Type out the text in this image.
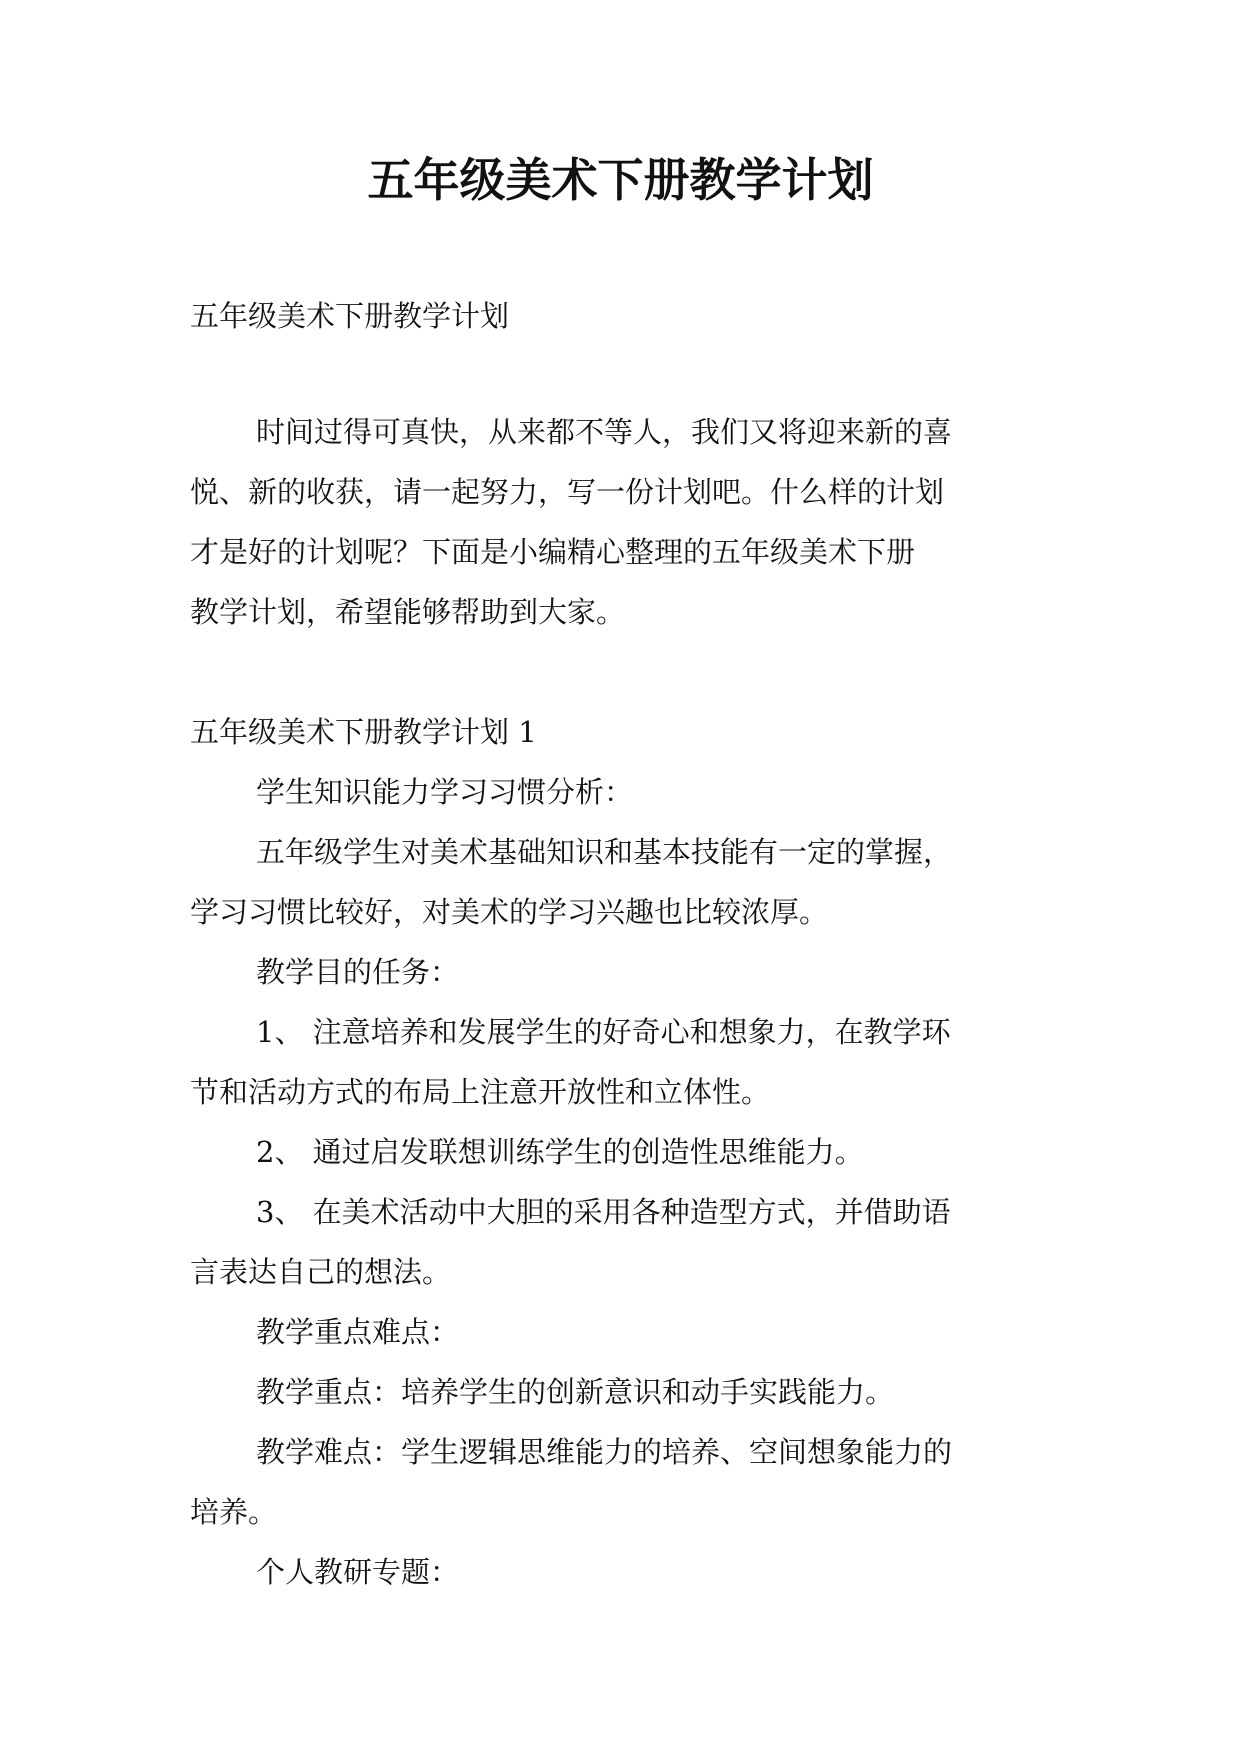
五年级美术下册教学计划

五年级美术下册教学计划

时间过得可真快，从来都不等人，我们又将迎来新的喜

悦、新的收获，请一起努力，写一份计划吧。什么样的计划

才是好的计划呢？下面是小编精心整理的五年级美术下册

教学计划，希望能够帮助到大家。

五年级美术下册教学计划 1

学生知识能力学习习惯分析：

五年级学生对美术基础知识和基本技能有一定的掌握，

学习习惯比较好，对美术的学习兴趣也比较浓厚。

教学目的任务：

1、 注意培养和发展学生的好奇心和想象力，在教学环

节和活动方式的布局上注意开放性和立体性。

2、 通过启发联想训练学生的创造性思维能力。

3、 在美术活动中大胆的采用各种造型方式，并借助语

言表达自己的想法。

教学重点难点：

教学重点：培养学生的创新意识和动手实践能力。

教学难点：学生逻辑思维能力的培养、空间想象能力的

培养。

个人教研专题：
